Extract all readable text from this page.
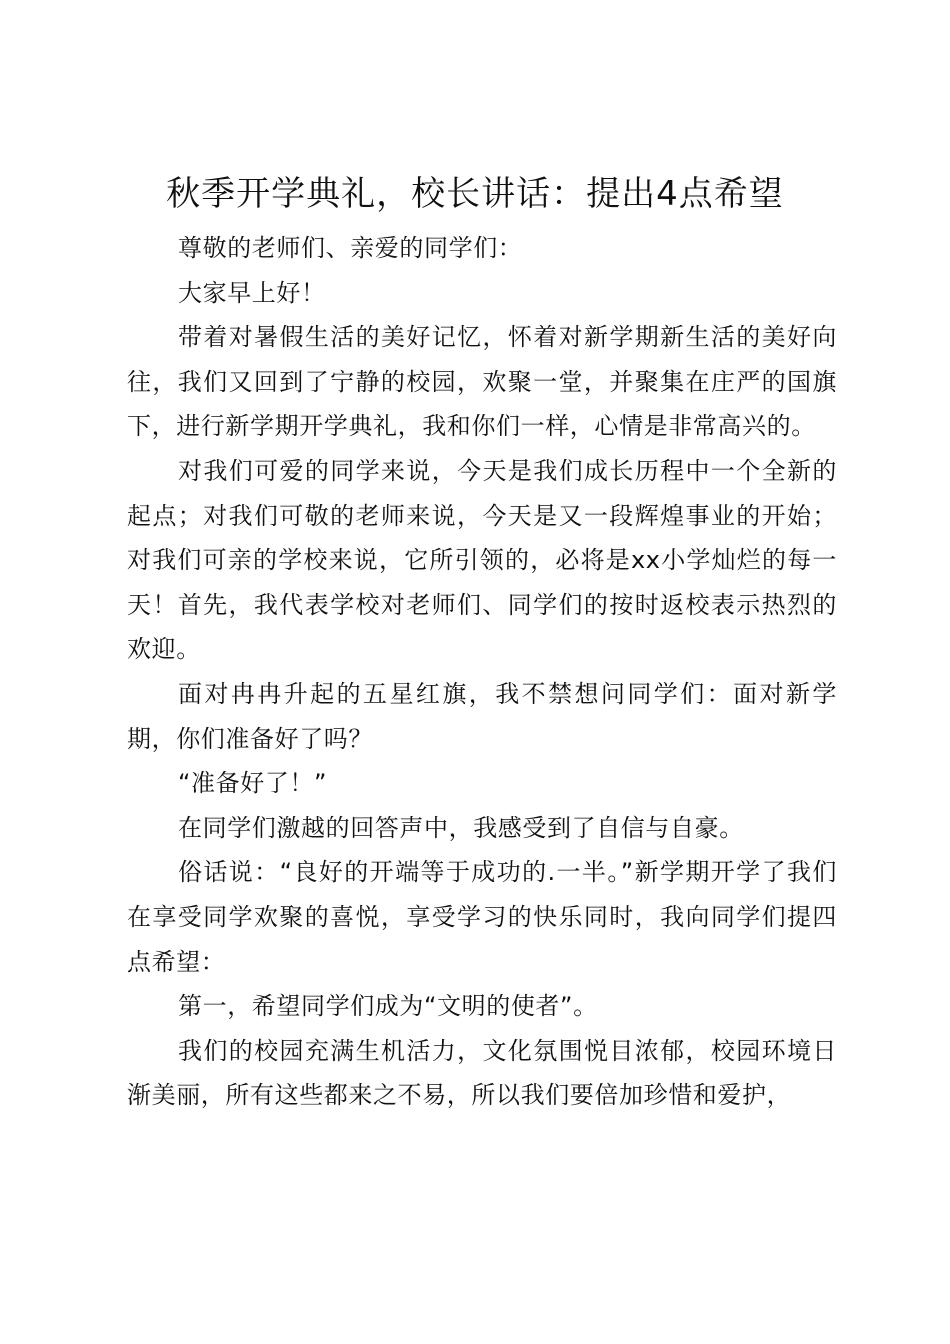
秋季开学典礼，校长讲话：提出4点希望

尊敬的老师们、亲爱的同学们：

大家早上好！

带着对暑假生活的美好记忆，怀着对新学期新生活的美好向往，我们又回到了宁静的校园，欢聚一堂，并聚集在庄严的国旗下，进行新学期开学典礼，我和你们一样，心情是非常高兴的。

对我们可爱的同学来说，今天是我们成长历程中一个全新的起点；对我们可敬的老师来说，今天是又一段辉煌事业的开始；对我们可亲的学校来说，它所引领的，必将是xx小学灿烂的每一天！首先，我代表学校对老师们、同学们的按时返校表示热烈的欢迎。

面对冉冉升起的五星红旗，我不禁想问同学们：面对新学期，你们准备好了吗？

“准备好了！”

在同学们激越的回答声中，我感受到了自信与自豪。

俗话说：“良好的开端等于成功的.一半。”新学期开学了我们在享受同学欢聚的喜悦，享受学习的快乐同时，我向同学们提四点希望：

第一，希望同学们成为“文明的使者”。

我们的校园充满生机活力，文化氛围悦目浓郁，校园环境日渐美丽，所有这些都来之不易，所以我们要倍加珍惜和爱护，
